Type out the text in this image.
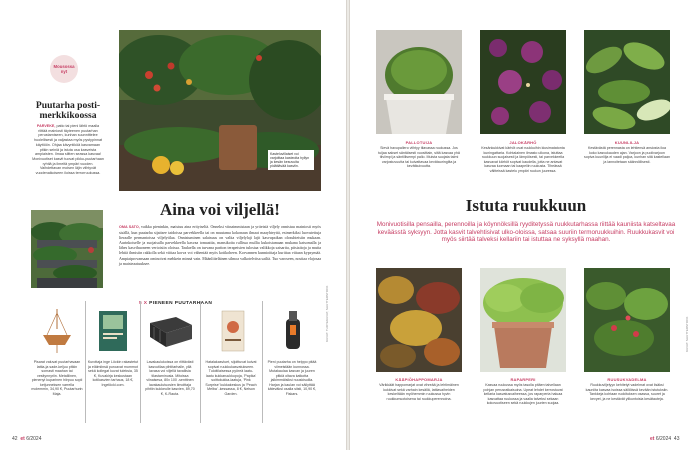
Mousossa nyt
Puutarha posti-merkkikoossa
PARVEKE, patio tai pieni lähtö maalla riittää mainiosti täyteenen puutarhan perustamiseen, kunhan suunnittelee huolellisesti ja valjastaa myös pystypinnat käyttöön. Ohjaa kävyntiköä kasvamaan pitkin seiniä ja istuta osa kasveista ampiaisten. Ilmaa siitten seassa kasvaa! Monivuotiset kasvit tuovat pikku-puutarhaan ryhtiä ja ilmeitä ympäri vuoden. Vaihdettavan moisen läjin viihtyvät vuodenaikoiseen iloissa terrorruukussa.
Kasteluvillaiset voi varjoittaa kasteoita hyllyn ja kesän kesuvuita pidättävää kasviin.
Aina voi viljellä!
OMA SATO, vaikka pieninkin, maistuu aina erityiseltä. Onneksi viinaimmistaan ja yrtteistä viljely onnistuu mainiosti myös sisällä, kun puutarha sijaitsee taidoissa parvekkeella tai on muutama kokonaan ilmaat maayhteyttä, esimerkiksi luovutettuja lieraalle permantoissa viljelytilaa. Onnistuminen salaisuus on valita viljelylaji lajit kasvupaikan olosuhteisiin mukaan. Aurinkoiselle ja suojaisalla parvekkeella kasvaa tomaattia, mansikoita rullissa mullia kukoistamaan mukana katsomalla ja lähes kasvihuoneen vertoisiin oloissa. Taulaella on turvana pariton terapeisien tulostaa valikkoja saisartta, pitsiaitoja ja mutta lehtiä ihmisiin rakkolla sekä viittaa korva voi vähentää myös kotikoheen. Korvannen kunnioittaja kurittaa viitaan kypsymää. Ampiaiprovansaan ominoivat mehkein minnä vain. Määnliiteläinen silmoa valkotelvitsa sailtä. Tuo varoseen, nostiaa vlajosaa ja maisteaatuuksee.
5 X PIENEEN PUUTARHAAN
Pisarat valuvat puutarhavaan lattia-ja sade-keljuu pitkin somasti maahan tai vesitynnyriin. Metalliinen, pienenyt kuparinen hiirpuu sopii ketjunneksen varrella molemmin, 34,90 €, Puutarhurin Maja.
Kurottaja inge Löckin rakastetut ja eläimiinsä puroavat mummot sekä kollegat kuvat tuleksia, 35 €, Kuvakirja keskustaan kotikasvien tarhaus, 18 €, Ingelöcki.com.
Lavakaulukoissa on riittävästi kasvutilaa pihtitarhalle, yllä lavasa voi viljellä tavallisia tilastaminusia. Mitoissa viinaisesa, 80x 100 -senttinen lavakaulutuosien ilmoittaja pihtiin kukkeulle kasvien, 89,70 €, K-Rauta.
Hatalakasvluet, sijoittuvat kuivat sopivat ruukkukasvatukseen. Tuloitilaisessa pyöreä laatu-laatu kukkaruukkupoja, 'Papika' soittokukka-laatuja, 'Pink Surprise' kukkakeskus ja 'Peach Melba' -kessassa, 8 €, Nelson Garden.
Pieni puutarha on helppo pitää viimeistään kunnossa. Mutakaulaa kasvan ja juuren pitkiä oltava katkotta jalkimmäisiksi nuuskisuilla. Harjan ja kaulan voi säilyttää käteväksi osalla siisti, 10,90 €, Fiskars.
KUVAT: TUOTEKUVAT, SHUTTERSTOCK
42 et 6/2024
PALLOTUIJA
Sievä havupallero viihtyy tilavassa ruukussa. Jos tuijaa sakset säntäisesti vuosittain, siitä kasvaa yhä tiiviimpi ja säntillisempi pallo. Muista suojata talmi varjostuvuutta tai kuivattavaa kevätauringilta ja kevätkuivuutta.
JALOKÄRHÖ
Kesänkukkivat kärhöt ovat ruukkuihin kiusimatatonta kuningattaria. Kohtalainen ilmasto ulkona, istuttaa ruukkuun suojaisesti ja lämpöisesti, tai parvekkeella kasvavat kärhöt sopivat kaudella, jotta ne antavat kasvaa luomaan tai kaapeliin ruukusta. Tiheässä vältteissä kastelu ympäri ruukun juuressa.
KUUNLILJA
Kestävästä perennasta on lehtiensä ansiosta iloa koko kasvukauden ajan. Varjoon ja puolivarjoon sopiva kuunlilja ei vaadi paljoa, kunhan sitä kastellaan ja lannoitetaan säännöllisesti.
Istuta ruukkuun
Monivuotisilla pensailla, perennoilla ja köynnöksillä ryyditetyssä ruukkutarhassa riittää kauniista katseltavaa keväässtä syksyyn. Jotta kasvit talvehtisivat ulko-oloissa, satsaa suuriin termoruukkuihin. Ruukkukasvit voi myös siirtää talveksi kellariin tai istuttaa ne syksyllä maahan.
KÄÄPIÖHAPPOMARJA
Värikkäät happomarjat ovat vihreää ja lehtimäinen kukkivat sekä varhain kesällä, lattiavaiheiden keskeltään myöhemmin ruukussa hyvin ruukkumuotoisena tai ruukkuperennoina.
RAPARPERI
Kasvaa ruukussa myös tasolla pitäen talvellaan pohjan perusratkaisuina. Upeat lehdet kerrostuvat kellaria kasvatusvaiheessa, jos raparperia haluaa kasvattaa ruukussa ja vaalia talveksi sekaan kokovuotiseen sekä ruukkujen juurien suojaa.
RUUSUKVADELMA
Ruukkuviljelyyn kehitetyt vadelmat ovat lisäksi kauniita kasvaa isoissa säiliöissä kevään istutuksiin. Tankkeja kohtaan ruokituksen osassa, suuret ja kevyet, ja ne kestävät ylikuntoisia kesätauteja.
KUVAT: SHUTTERSTOCK
et 6/2024 43
